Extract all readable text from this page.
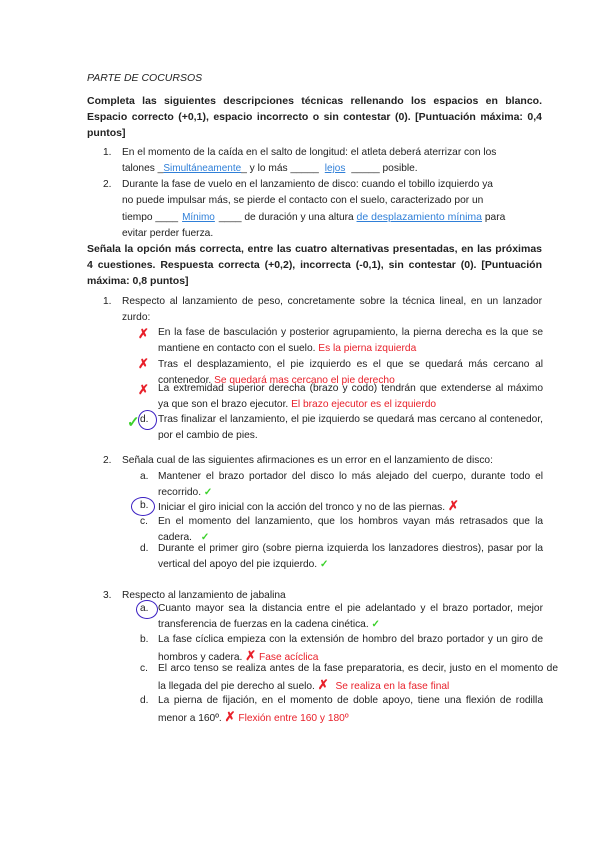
PARTE DE COCURSOS
Completa las siguientes descripciones técnicas rellenando los espacios en blanco. Espacio correcto (+0,1), espacio incorrecto o sin contestar (0). [Puntuación máxima: 0,4 puntos]
1. En el momento de la caída en el salto de longitud: el atleta deberá aterrizar con los
talones _Simultáneamente_ y lo más _____ lejos _____ posible.
2. Durante la fase de vuelo en el lanzamiento de disco: cuando el tobillo izquierdo ya
no puede impulsar más, se pierde el contacto con el suelo, caracterizado por un
tiempo ____ Mínimo ____ de duración y una altura de desplazamiento mínima para
evitar perder fuerza.
Señala la opción más correcta, entre las cuatro alternativas presentadas, en las próximas 4 cuestiones. Respuesta correcta (+0,2), incorrecta (-0,1), sin contestar (0). [Puntuación máxima: 0,8 puntos]
1. Respecto al lanzamiento de peso, concretamente sobre la técnica lineal, en un lanzador zurdo:
✗ En la fase de basculación y posterior agrupamiento, la pierna derecha es la que se mantiene en contacto con el suelo. Es la pierna izquierda
✗ Tras el desplazamiento, el pie izquierdo es el que se quedará más cercano al contenedor. Se quedará mas cercano el pie derecho
✗ La extremidad superior derecha (brazo y codo) tendrán que extenderse al máximo ya que son el brazo ejecutor. El brazo ejecutor es el izquierdo
✓ d. Tras finalizar el lanzamiento, el pie izquierdo se quedará mas cercano al contenedor, por el cambio de pies.
2. Señala cual de las siguientes afirmaciones es un error en el lanzamiento de disco:
a. Mantener el brazo portador del disco lo más alejado del cuerpo, durante todo el recorrido. ✓
b. Iniciar el giro inicial con la acción del tronco y no de las piernas. ✗
c. En el momento del lanzamiento, que los hombros vayan más retrasados que la cadera. ✓
d. Durante el primer giro (sobre pierna izquierda los lanzadores diestros), pasar por la vertical del apoyo del pie izquierdo. ✓
3. Respecto al lanzamiento de jabalina
a. Cuanto mayor sea la distancia entre el pie adelantado y el brazo portador, mejor transferencia de fuerzas en la cadena cinética. ✓
b. La fase cíclica empieza con la extensión de hombro del brazo portador y un giro de hombros y cadera. ✗ Fase acíclica
c. El arco tenso se realiza antes de la fase preparatoria, es decir, justo en el momento de la llegada del pie derecho al suelo. ✗ Se realiza en la fase final
d. La pierna de fijación, en el momento de doble apoyo, tiene una flexión de rodilla menor a 160º. ✗ Flexión entre 160 y 180º
